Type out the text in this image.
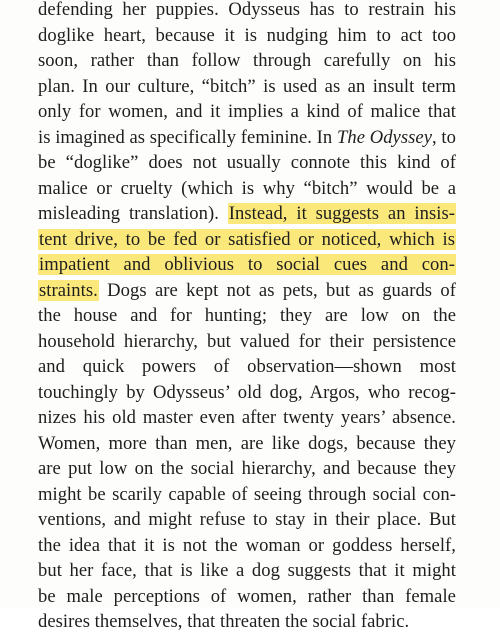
defending her puppies. Odysseus has to restrain his
doglike heart, because it is nudging him to act too
soon, rather than follow through carefully on his
plan. In our culture, “bitch” is used as an insult term
only for women, and it implies a kind of malice that
is imagined as specifically feminine. In The Odyssey, to
be “doglike” does not usually connote this kind of
malice or cruelty (which is why “bitch” would be a
misleading translation). Instead, it suggests an insis-
tent drive, to be fed or satisfied or noticed, which is
impatient and oblivious to social cues and con-
straints. Dogs are kept not as pets, but as guards of
the house and for hunting; they are low on the
household hierarchy, but valued for their persistence
and quick powers of observation—shown most
touchingly by Odysseus’ old dog, Argos, who recog-
nizes his old master even after twenty years’ absence.
Women, more than men, are like dogs, because they
are put low on the social hierarchy, and because they
might be scarily capable of seeing through social con-
ventions, and might refuse to stay in their place. But
the idea that it is not the woman or goddess herself,
but her face, that is like a dog suggests that it might
be male perceptions of women, rather than female
desires themselves, that threaten the social fabric.
